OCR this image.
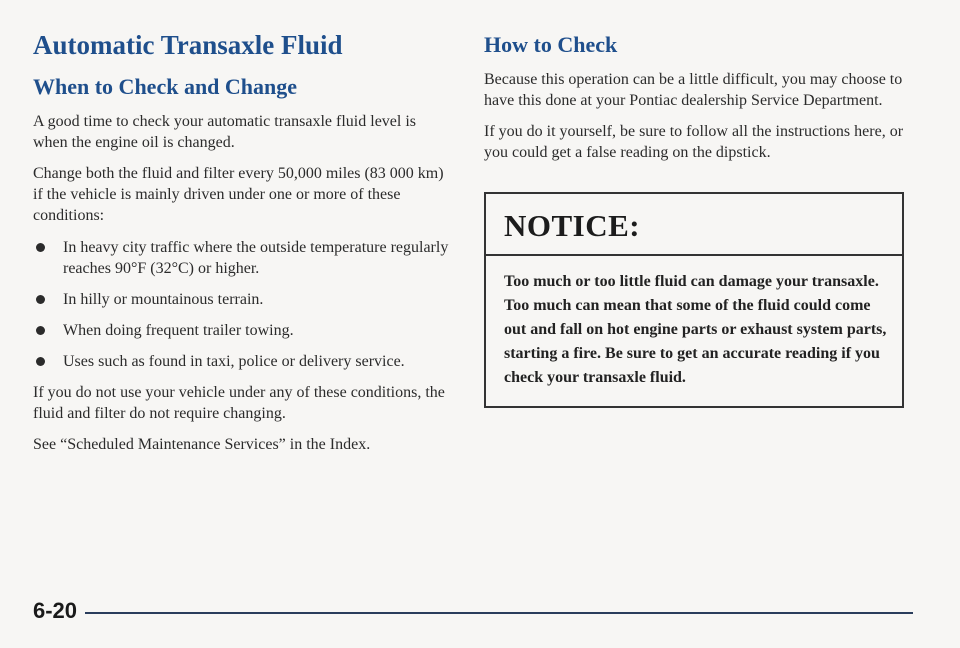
Automatic Transaxle Fluid
When to Check and Change

A good time to check your automatic transaxle fluid level is when the engine oil is changed.

Change both the fluid and filter every 50,000 miles (83 000 km) if the vehicle is mainly driven under one or more of these conditions:

In heavy city traffic where the outside temperature regularly reaches 90°F (32°C) or higher.
In hilly or mountainous terrain.
When doing frequent trailer towing.
Uses such as found in taxi, police or delivery service.

If you do not use your vehicle under any of these conditions, the fluid and filter do not require changing.

See “Scheduled Maintenance Services” in the Index.

How to Check

Because this operation can be a little difficult, you may choose to have this done at your Pontiac dealership Service Department.

If you do it yourself, be sure to follow all the instructions here, or you could get a false reading on the dipstick.

NOTICE:
Too much or too little fluid can damage your transaxle. Too much can mean that some of the fluid could come out and fall on hot engine parts or exhaust system parts, starting a fire. Be sure to get an accurate reading if you check your transaxle fluid.
6-20
